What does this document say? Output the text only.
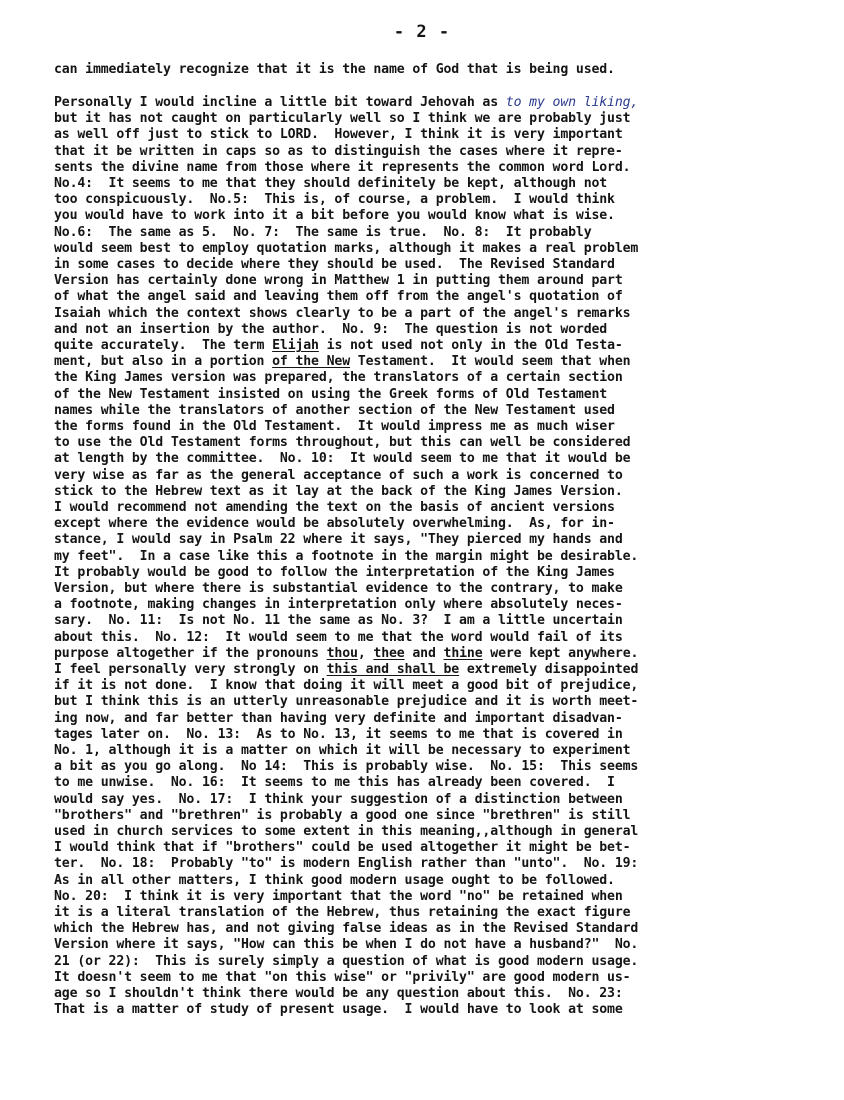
- 2 -

can immediately recognize that it is the name of God that is being used.

Personally I would incline a little bit toward Jehovah as to my own liking,

but it has not caught on particularly well so I think we are probably just

as well off just to stick to LORD.  However, I think it is very important

that it be written in caps so as to distinguish the cases where it repre-

sents the divine name from those where it represents the common word Lord.

No.4:  It seems to me that they should definitely be kept, although not

too conspicuously.  No.5:  This is, of course, a problem.  I would think

you would have to work into it a bit before you would know what is wise.

No.6:  The same as 5.  No. 7:  The same is true.  No. 8:  It probably

would seem best to employ quotation marks, although it makes a real problem

in some cases to decide where they should be used.  The Revised Standard

Version has certainly done wrong in Matthew 1 in putting them around part

of what the angel said and leaving them off from the angel's quotation of

Isaiah which the context shows clearly to be a part of the angel's remarks

and not an insertion by the author.  No. 9:  The question is not worded

quite accurately.  The term Elijah is not used not only in the Old Testa-

ment, but also in a portion of the New Testament.  It would seem that when

the King James version was prepared, the translators of a certain section

of the New Testament insisted on using the Greek forms of Old Testament

names while the translators of another section of the New Testament used

the forms found in the Old Testament.  It would impress me as much wiser

to use the Old Testament forms throughout, but this can well be considered

at length by the committee.  No. 10:  It would seem to me that it would be

very wise as far as the general acceptance of such a work is concerned to

stick to the Hebrew text as it lay at the back of the King James Version.

I would recommend not amending the text on the basis of ancient versions

except where the evidence would be absolutely overwhelming.  As, for in-

stance, I would say in Psalm 22 where it says, "They pierced my hands and

my feet".  In a case like this a footnote in the margin might be desirable.

It probably would be good to follow the interpretation of the King James

Version, but where there is substantial evidence to the contrary, to make

a footnote, making changes in interpretation only where absolutely neces-

sary.  No. 11:  Is not No. 11 the same as No. 3?  I am a little uncertain

about this.  No. 12:  It would seem to me that the word would fail of its

purpose altogether if the pronouns thou, thee and thine were kept anywhere.

I feel personally very strongly on this and shall be extremely disappointed

if it is not done.  I know that doing it will meet a good bit of prejudice,

but I think this is an utterly unreasonable prejudice and it is worth meet-

ing now, and far better than having very definite and important disadvan-

tages later on.  No. 13:  As to No. 13, it seems to me that is covered in

No. 1, although it is a matter on which it will be necessary to experiment

a bit as you go along.  No 14:  This is probably wise.  No. 15:  This seems

to me unwise.  No. 16:  It seems to me this has already been covered.  I

would say yes.  No. 17:  I think your suggestion of a distinction between

"brothers" and "brethren" is probably a good one since "brethren" is still

used in church services to some extent in this meaning,,although in general

I would think that if "brothers" could be used altogether it might be bet-

ter.  No. 18:  Probably "to" is modern English rather than "unto".  No. 19:

As in all other matters, I think good modern usage ought to be followed.

No. 20:  I think it is very important that the word "no" be retained when

it is a literal translation of the Hebrew, thus retaining the exact figure

which the Hebrew has, and not giving false ideas as in the Revised Standard

Version where it says, "How can this be when I do not have a husband?"  No.

21 (or 22):  This is surely simply a question of what is good modern usage.

It doesn't seem to me that "on this wise" or "privily" are good modern us-

age so I shouldn't think there would be any question about this.  No. 23:

That is a matter of study of present usage.  I would have to look at some
